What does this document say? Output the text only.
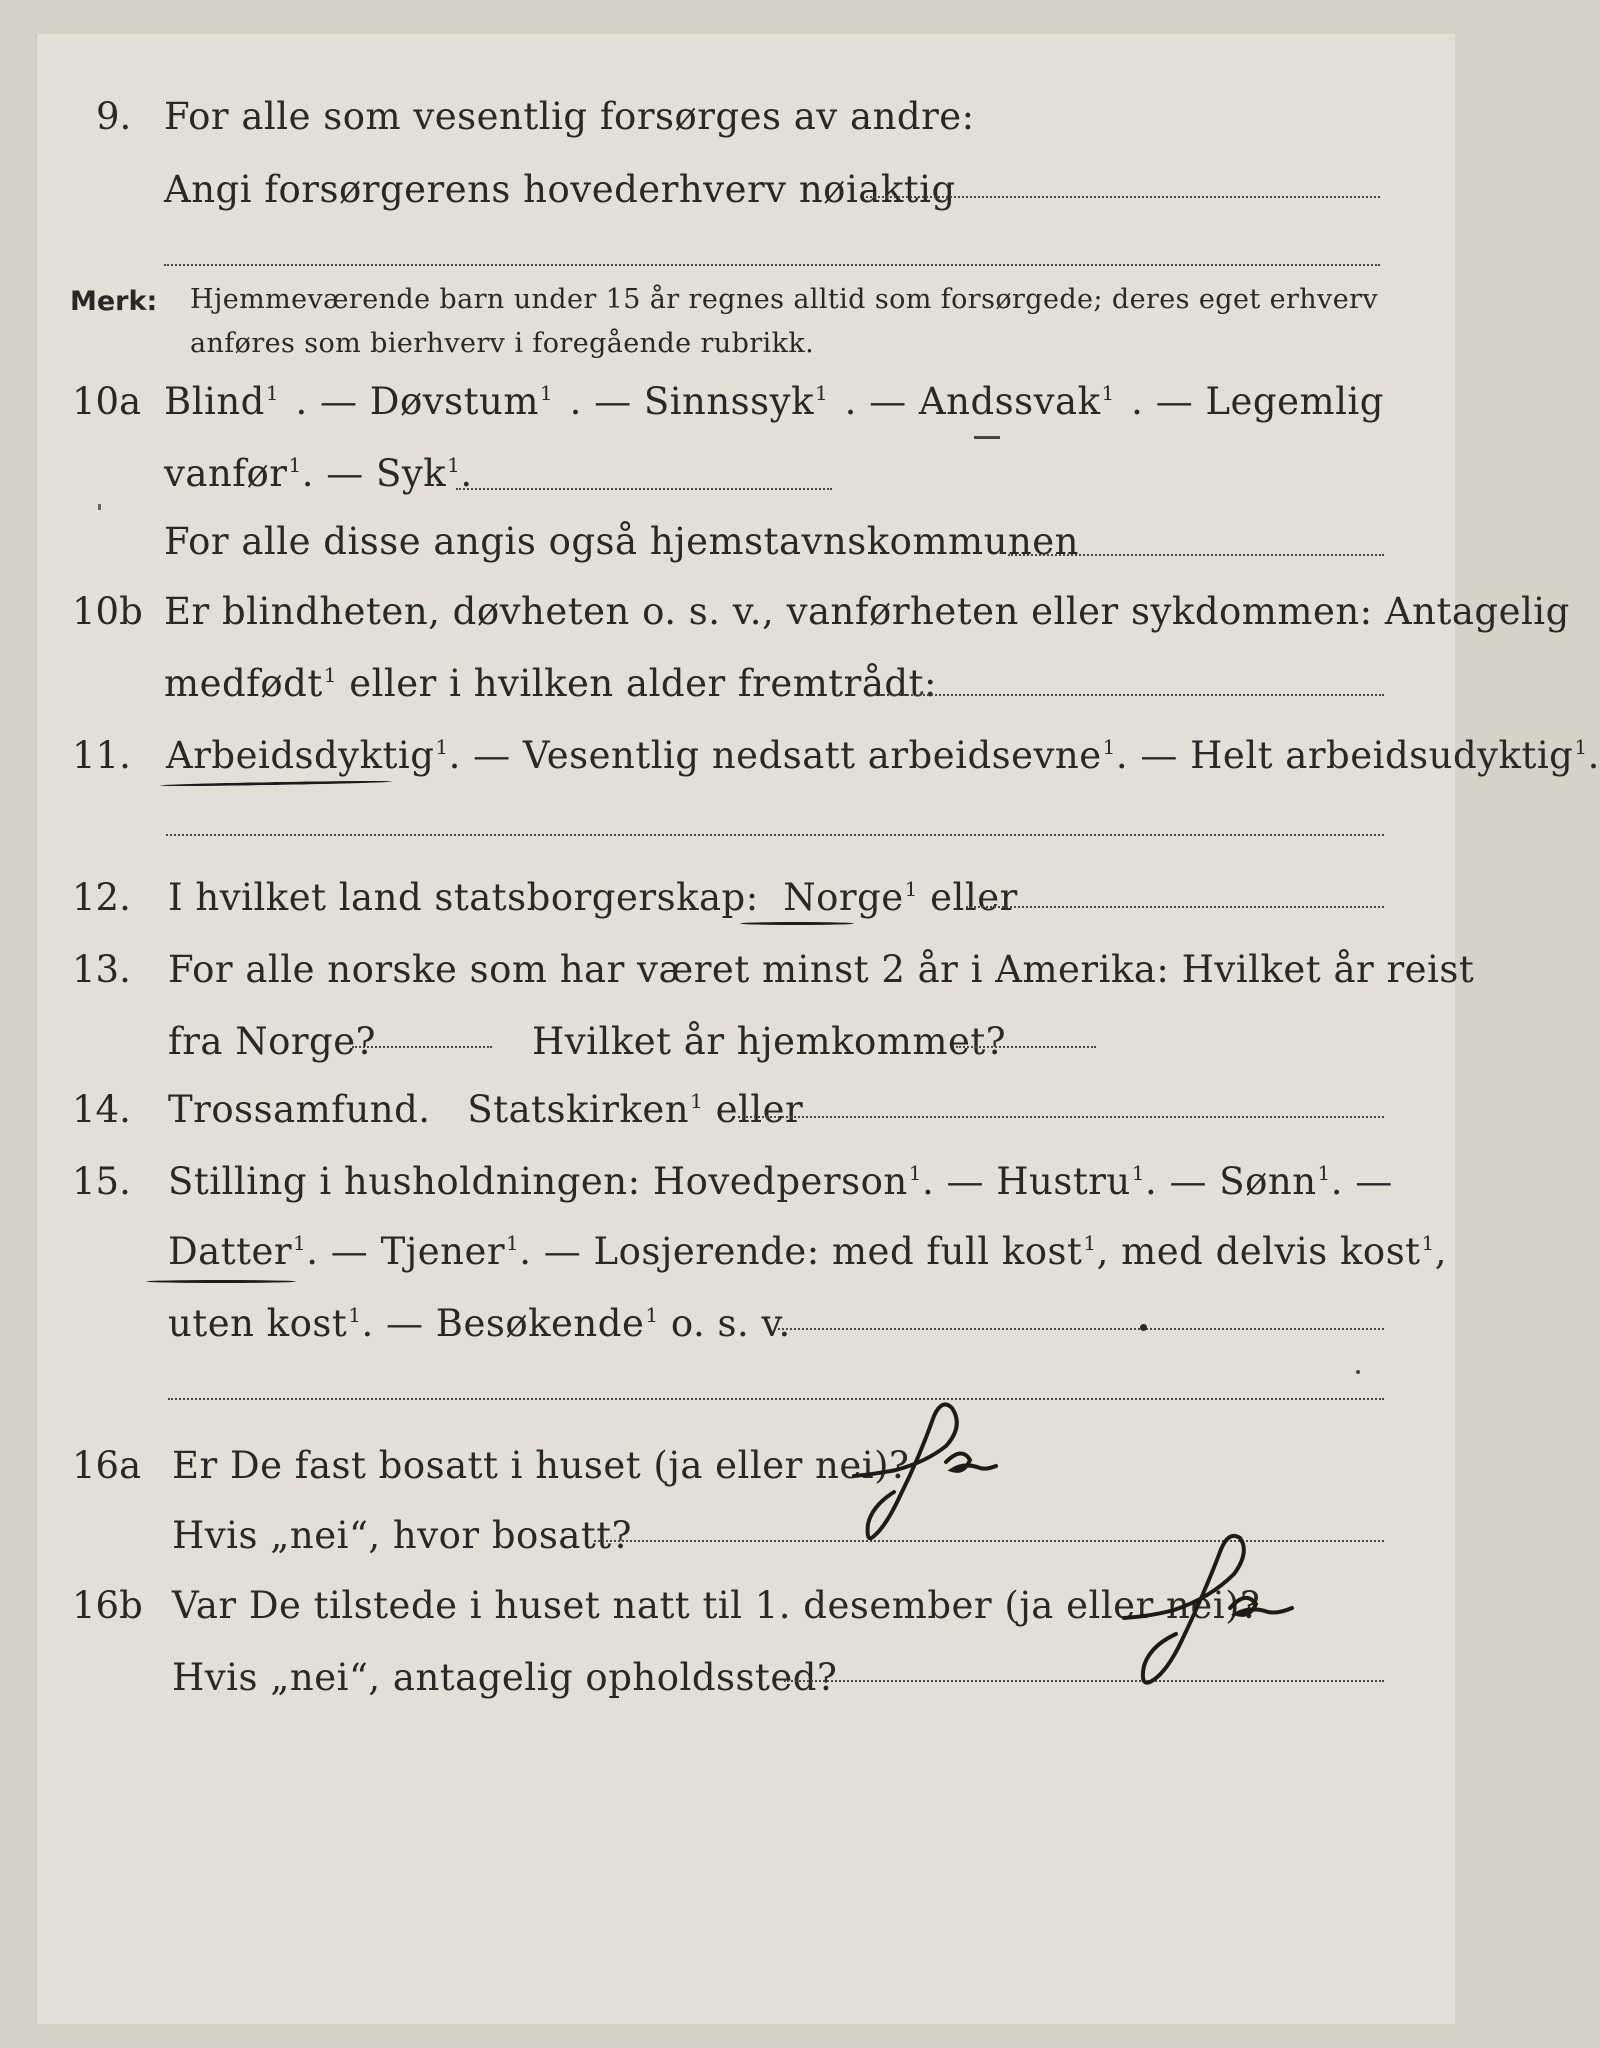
9. For alle som vesentlig forsørges av andre:
Angi forsørgerens hovederhverv nøiaktig
Merk: Hjemmeværende barn under 15 år regnes alltid som forsørgede; deres eget erhverv
anføres som bierhverv i foregående rubrikk.
10a Blind$^1$ . — Døvstum$^1$ . — Sinnssyk$^1$ . — Andssvak$^1$ . — Legemlig
vanfør$^1$. — Syk$^1$.
For alle disse angis også hjemstavnskommunen
10b Er blindheten, døvheten o. s. v., vanførheten eller sykdommen: Antagelig
medfødt$^1$ eller i hvilken alder fremtrådt:
11. Arbeidsdyktig$^1$. — Vesentlig nedsatt arbeidsevne$^1$. — Helt arbeidsudyktig$^1$.
12. I hvilket land statsborgerskap: Norge$^1$ eller
13. For alle norske som har været minst 2 år i Amerika: Hvilket år reist
fra Norge?	Hvilket år hjemkommet?
14. Trossamfund. Statskirken$^1$ eller
15. Stilling i husholdningen: Hovedperson$^1$ . — Hustru$^1$ . — Sønn$^1$ . —
Datter$^1$ . — Tjener$^1$ . — Losjerende: med full kost$^1$ , med delvis kost$^1$,
uten kost$^1$. — Besøkende$^1$ o. s. v.
16a Er De fast bosatt i huset (ja eller nei)?
Hvis „nei“, hvor bosatt?
16b Var De tilstede i huset natt til 1. desember (ja eller nei)?
Hvis „nei“, antagelig opholdssted?
